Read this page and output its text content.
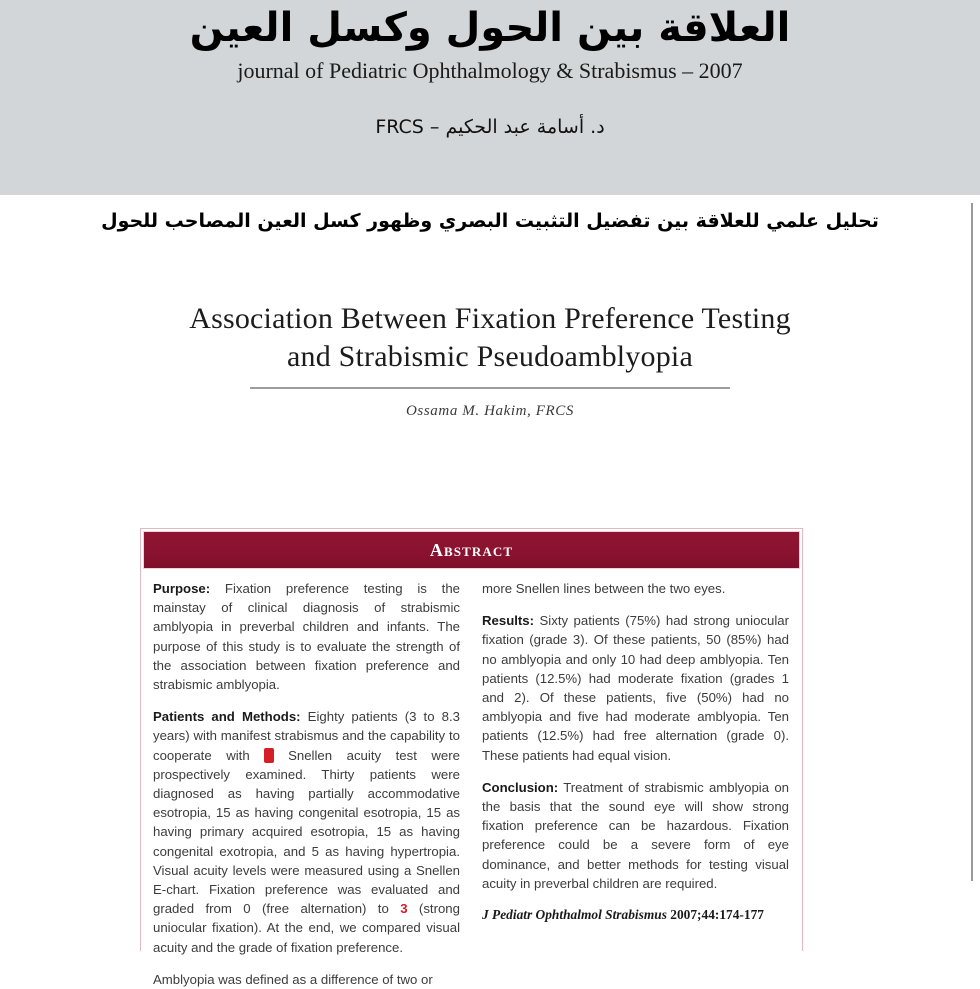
العلاقة بين الحول وكسل العين
journal of Pediatric Ophthalmology & Strabismus – 2007
د. أسامة عبد الحكيم – FRCS
تحليل علمي للعلاقة بين تفضيل التثبيت البصري وظهور كسل العين المصاحب للحول
Association Between Fixation Preference Testing
and Strabismic Pseudoamblyopia
Ossama M. Hakim, FRCS
Abstract

Purpose: Fixation preference testing is the mainstay of clinical diagnosis of strabismic amblyopia in preverbal children and infants. The purpose of this study is to evaluate the strength of the association between fixation preference and strabismic amblyopia.

Patients and Methods: Eighty patients (3 to 8.3 years) with manifest strabismus and the capability to cooperate with a Snellen acuity test were prospectively examined. Thirty patients were diagnosed as having partially accommodative esotropia, 15 as having congenital esotropia, 15 as having primary acquired esotropia, 15 as having congenital exotropia, and 5 as having hypertropia. Visual acuity levels were measured using a Snellen E-chart. Fixation preference was evaluated and graded from 0 (free alternation) to 3 (strong uniocular fixation). At the end, we compared visual acuity and the grade of fixation preference.

Amblyopia was defined as a difference of two or

more Snellen lines between the two eyes.

Results: Sixty patients (75%) had strong uniocular fixation (grade 3). Of these patients, 50 (85%) had no amblyopia and only 10 had deep amblyopia. Ten patients (12.5%) had moderate fixation (grades 1 and 2). Of these patients, five (50%) had no amblyopia and five had moderate amblyopia. Ten patients (12.5%) had free alternation (grade 0). These patients had equal vision.

Conclusion: Treatment of strabismic amblyopia on the basis that the sound eye will show strong fixation preference can be hazardous. Fixation preference could be a severe form of eye dominance, and better methods for testing visual acuity in preverbal children are required.

J Pediatr Ophthalmol Strabismus 2007;44:174-177
